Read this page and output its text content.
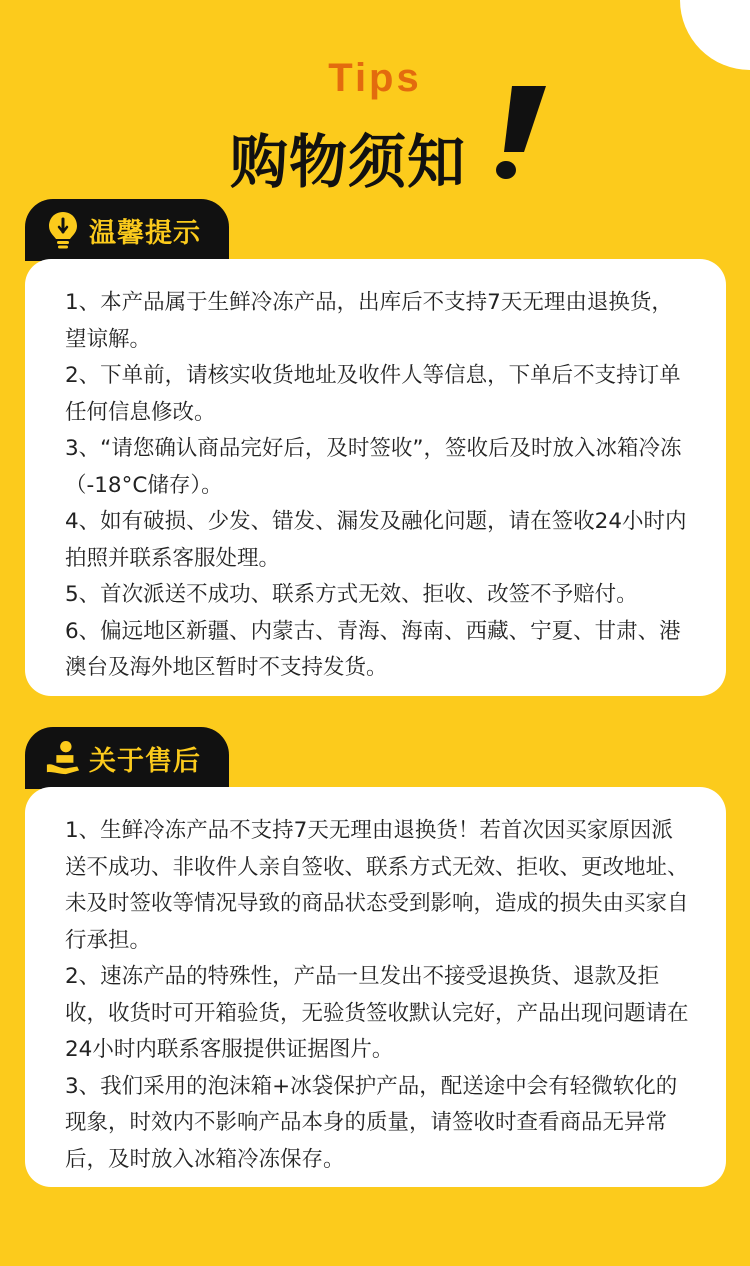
Tips
购物须知
温馨提示

1、本产品属于生鲜冷冻产品，出库后不支持7天无理由退换货，望谅解。

2、下单前，请核实收货地址及收件人等信息，下单后不支持订单任何信息修改。

3、“请您确认商品完好后，及时签收”，签收后及时放入冰箱冷冻（-18°C储存）。

4、如有破损、少发、错发、漏发及融化问题，请在签收24小时内拍照并联系客服处理。

5、首次派送不成功、联系方式无效、拒收、改签不予赔付。

6、偏远地区新疆、内蒙古、青海、海南、西藏、宁夏、甘肃、港澳台及海外地区暂时不支持发货。

关于售后

1、生鲜冷冻产品不支持7天无理由退换货！若首次因买家原因派送不成功、非收件人亲自签收、联系方式无效、拒收、更改地址、未及时签收等情况导致的商品状态受到影响，造成的损失由买家自行承担。

2、速冻产品的特殊性，产品一旦发出不接受退换货、退款及拒收，收货时可开箱验货，无验货签收默认完好，产品出现问题请在24小时内联系客服提供证据图片。

3、我们采用的泡沫箱+冰袋保护产品，配送途中会有轻微软化的现象，时效内不影响产品本身的质量，请签收时查看商品无异常后，及时放入冰箱冷冻保存。
